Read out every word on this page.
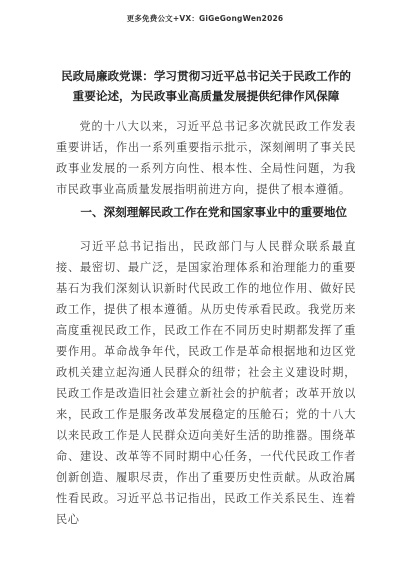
更多免费公文+VX：GiGeGongWen2026
民政局廉政党课：学习贯彻习近平总书记关于民政工作的重要论述，为民政事业高质量发展提供纪律作风保障
党的十八大以来，习近平总书记多次就民政工作发表重要讲话，作出一系列重要指示批示，深刻阐明了事关民政事业发展的一系列方向性、根本性、全局性问题，为我市民政事业高质量发展指明前进方向，提供了根本遵循。
一、深刻理解民政工作在党和国家事业中的重要地位
习近平总书记指出，民政部门与人民群众联系最直接、最密切、最广泛，是国家治理体系和治理能力的重要基石为我们深刻认识新时代民政工作的地位作用、做好民政工作，提供了根本遵循。从历史传承看民政。我党历来高度重视民政工作，民政工作在不同历史时期都发挥了重要作用。革命战争年代，民政工作是革命根据地和边区党政机关建立起沟通人民群众的纽带；社会主义建设时期，民政工作是改造旧社会建立新社会的护航者；改革开放以来，民政工作是服务改革发展稳定的压舱石；党的十八大以来民政工作是人民群众迈向美好生活的助推器。围绕革命、建设、改革等不同时期中心任务，一代代民政工作者创新创造、履职尽责，作出了重要历史性贡献。从政治属性看民政。习近平总书记指出，民政工作关系民生、连着民心
